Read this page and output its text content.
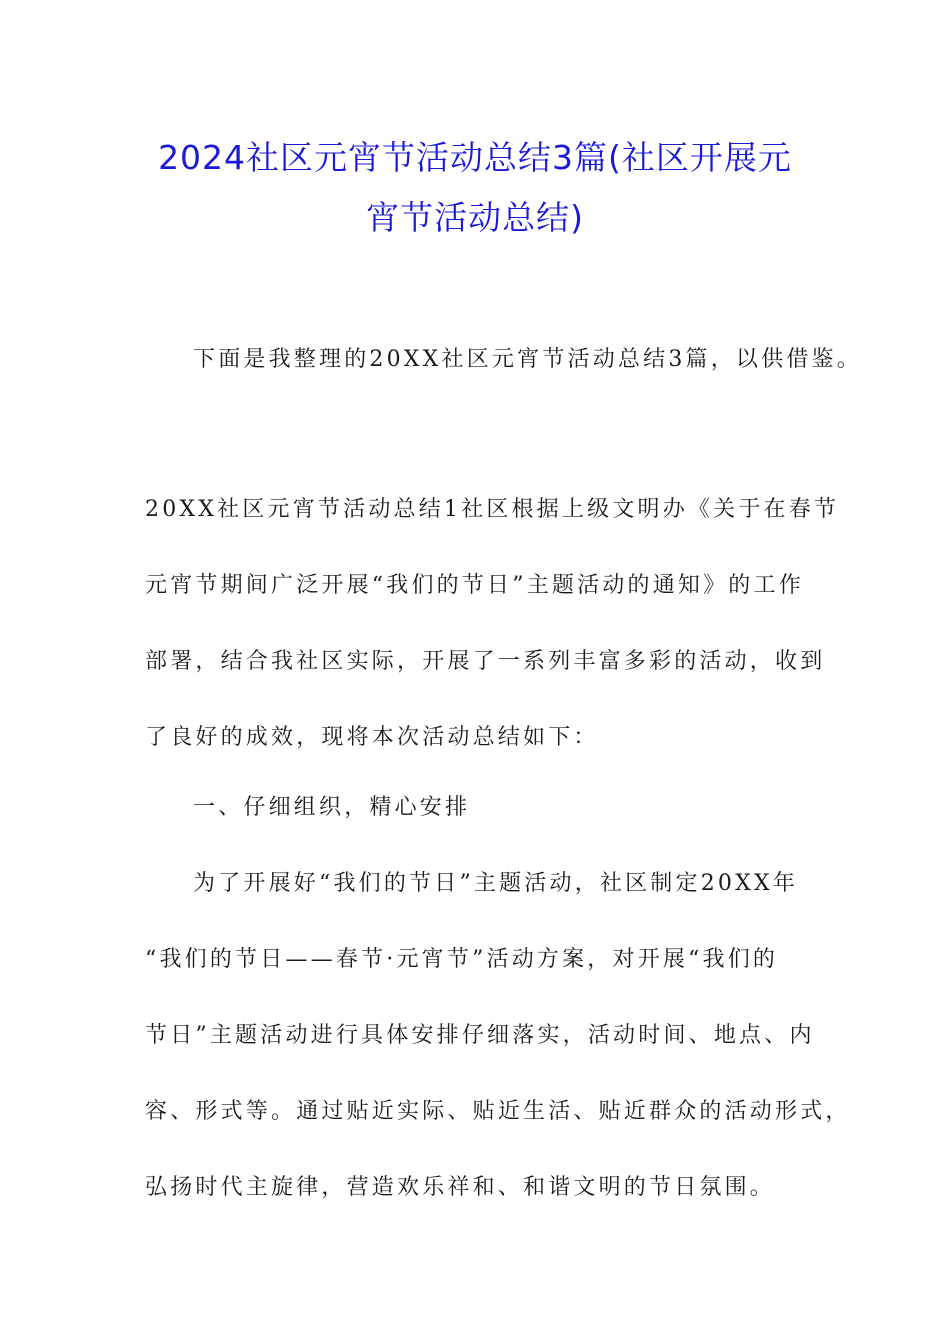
2024社区元宵节活动总结3篇(社区开展元
宵节活动总结)

下面是我整理的20XX社区元宵节活动总结3篇，以供借鉴。

20XX社区元宵节活动总结1社区根据上级文明办《关于在春节
元宵节期间广泛开展“我们的节日”主题活动的通知》的工作
部署，结合我社区实际，开展了一系列丰富多彩的活动，收到
了良好的成效，现将本次活动总结如下：

一、仔细组织，精心安排

为了开展好“我们的节日”主题活动，社区制定20XX年
“我们的节日——春节·元宵节”活动方案，对开展“我们的
节日”主题活动进行具体安排仔细落实，活动时间、地点、内
容、形式等。通过贴近实际、贴近生活、贴近群众的活动形式，
弘扬时代主旋律，营造欢乐祥和、和谐文明的节日氛围。
